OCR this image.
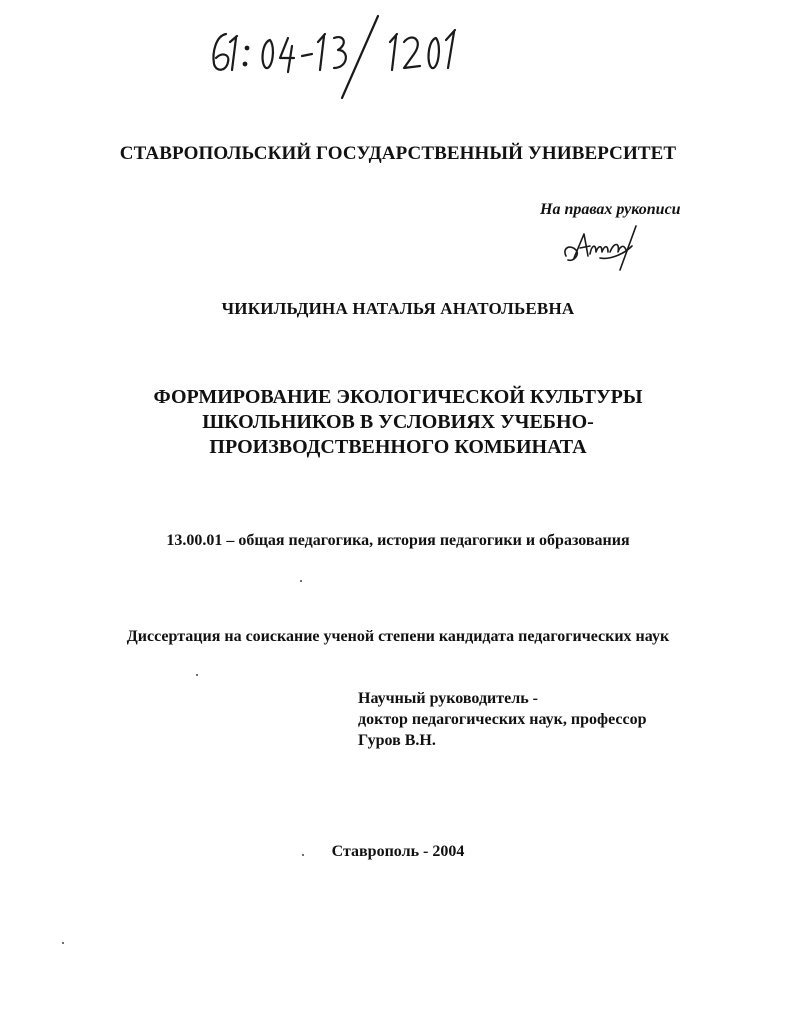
СТАВРОПОЛЬСКИЙ ГОСУДАРСТВЕННЫЙ УНИВЕРСИТЕТ
На правах рукописи
ЧИКИЛЬДИНА НАТАЛЬЯ АНАТОЛЬЕВНА
ФОРМИРОВАНИЕ ЭКОЛОГИЧЕСКОЙ КУЛЬТУРЫ
ШКОЛЬНИКОВ В УСЛОВИЯХ УЧЕБНО-
ПРОИЗВОДСТВЕННОГО КОМБИНАТА
13.00.01 – общая педагогика, история педагогики и образования
Диссертация на соискание ученой степени кандидата педагогических наук
Научный руководитель -
доктор педагогических наук, профессор
Гуров В.Н.
Ставрополь - 2004
